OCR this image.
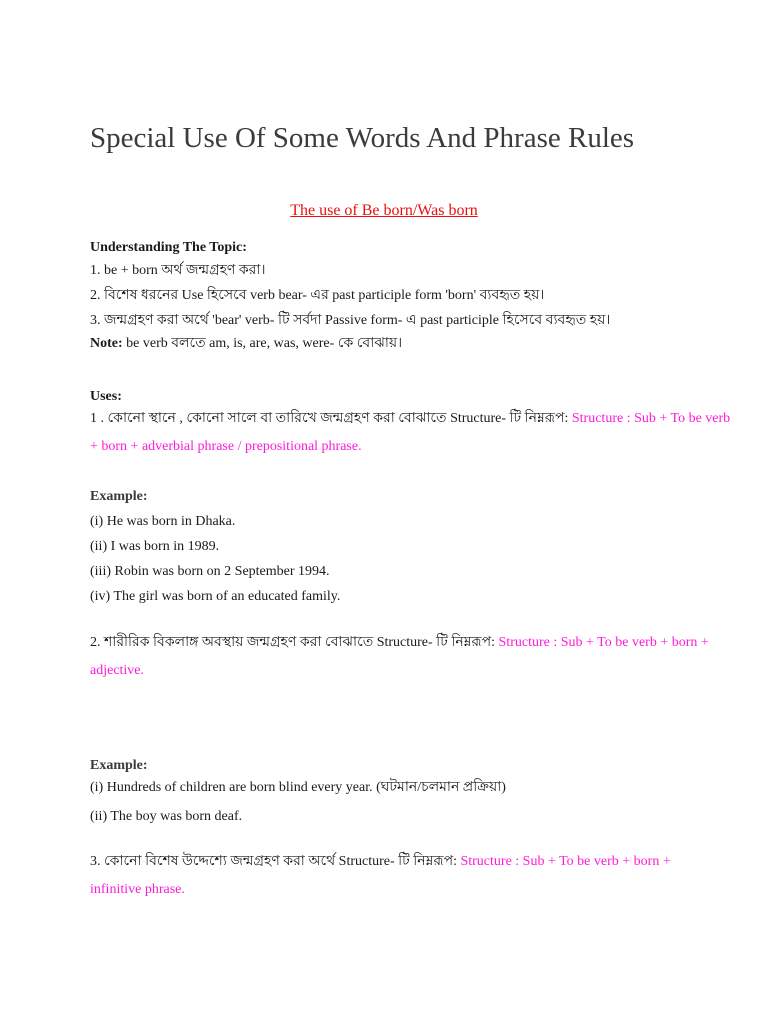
Special Use Of Some Words And Phrase Rules
The use of Be born/Was born
Understanding The Topic:
1. be + born অর্থ জন্মগ্রহণ করা।
2. বিশেষ ধরনের Use হিসেবে verb bear- এর past participle form 'born' ব্যবহৃত হয়।
3. জন্মগ্রহণ করা অর্থে 'bear' verb- টি সর্বদা Passive form- এ past participle হিসেবে ব্যবহৃত হয়।
Note: be verb বলতে am, is, are, was, were- কে বোঝায়।
Uses:
1 . কোনো স্থানে , কোনো সালে বা তারিখে জন্মগ্রহণ করা বোঝাতে Structure- টি নিম্নরূপ: Structure : Sub + To be verb
+ born + adverbial phrase / prepositional phrase.
Example:
(i) He was born in Dhaka.
(ii) I was born in 1989.
(iii) Robin was born on 2 September 1994.
(iv) The girl was born of an educated family.
2. শারীরিক বিকলাঙ্গ অবস্থায় জন্মগ্রহণ করা বোঝাতে Structure- টি নিম্নরূপ: Structure : Sub + To be verb + born +
adjective.
Example:
(i) Hundreds of children are born blind every year. (ঘটমান/চলমান প্রক্রিয়া)
(ii) The boy was born deaf.
3. কোনো বিশেষ উদ্দেশ্যে জন্মগ্রহণ করা অর্থে Structure- টি নিম্নরূপ: Structure : Sub + To be verb + born +
infinitive phrase.
